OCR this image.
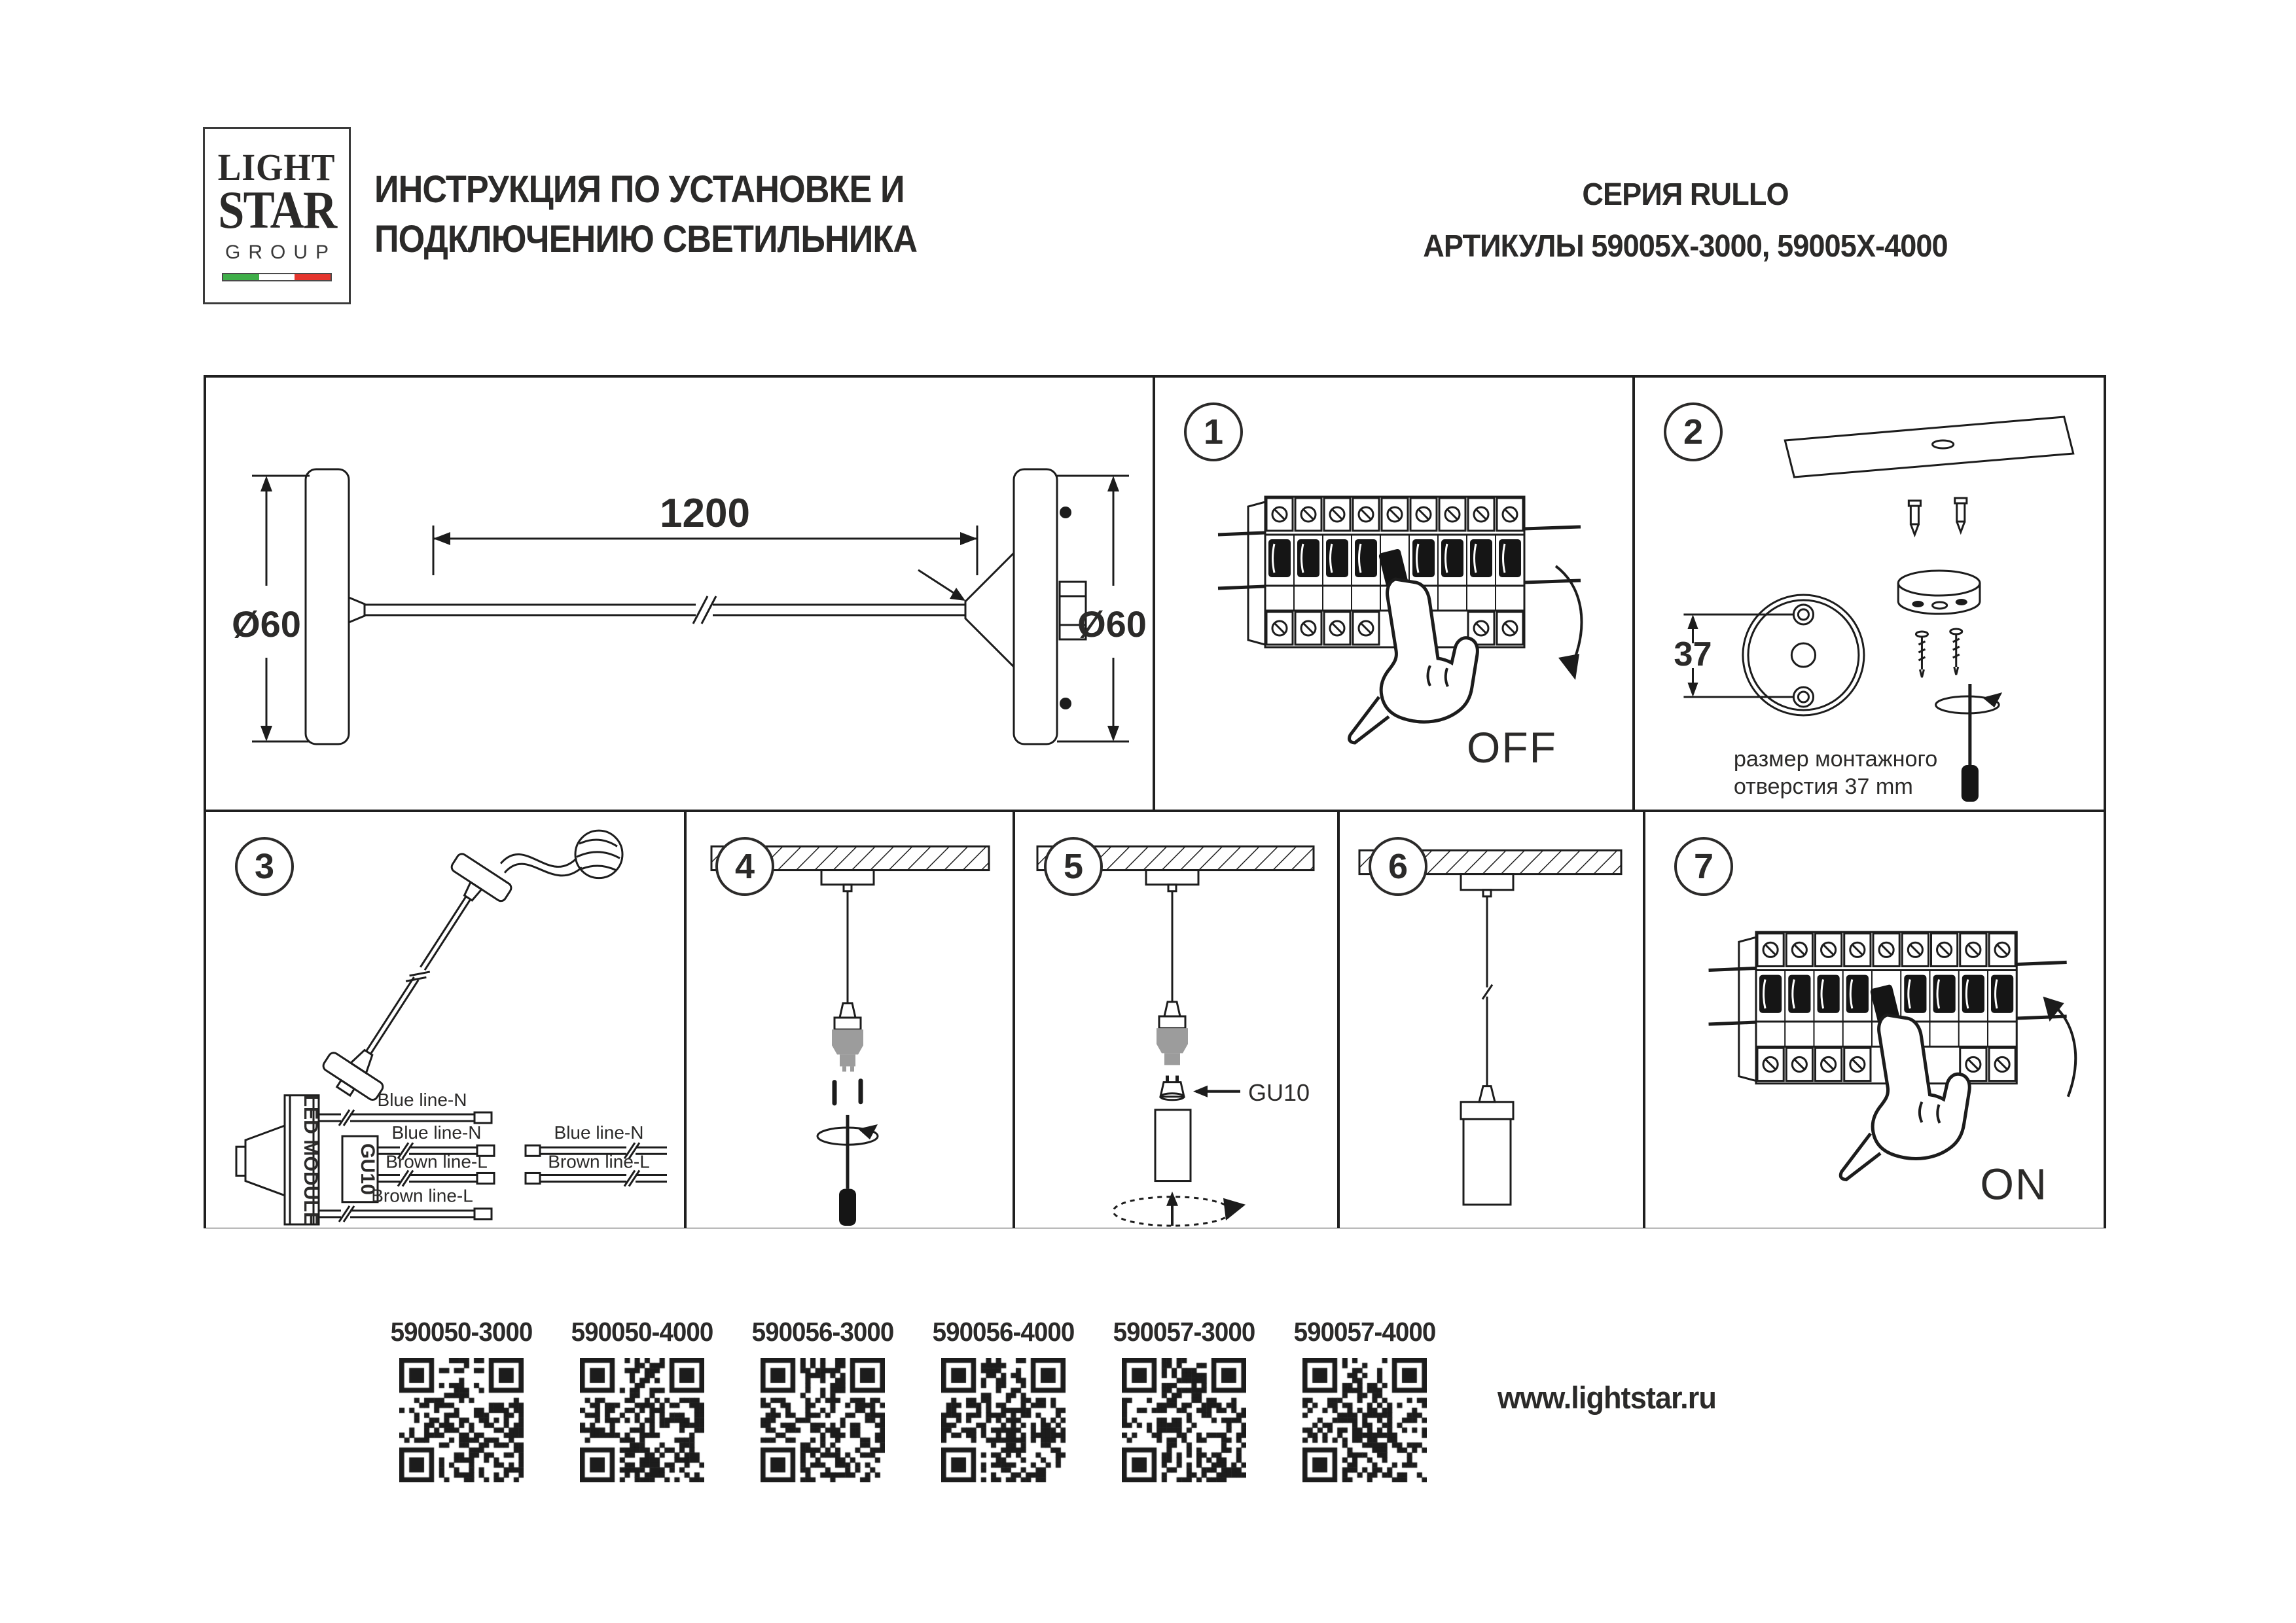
LIGHT
STAR
GROUP
ИНСТРУКЦИЯ ПО УСТАНОВКЕ И
ПОДКЛЮЧЕНИЮ СВЕТИЛЬНИКА
СЕРИЯ RULLO
АРТИКУЛЫ 59005X-3000, 59005X-4000
Ø60
1200
Ø60
1
OFF
2
37
размер монтажного
отверстия 37 mm
3
LED MODULE GU10
Blue line-N
Blue line-N
Brown line-L
Brown line-L
Blue line-N
Brown line-L
4	5
GU10
6	7
ON
590050-3000 590050-4000 590056-3000 590056-4000 590057-3000 590057-4000
www.lightstar.ru
